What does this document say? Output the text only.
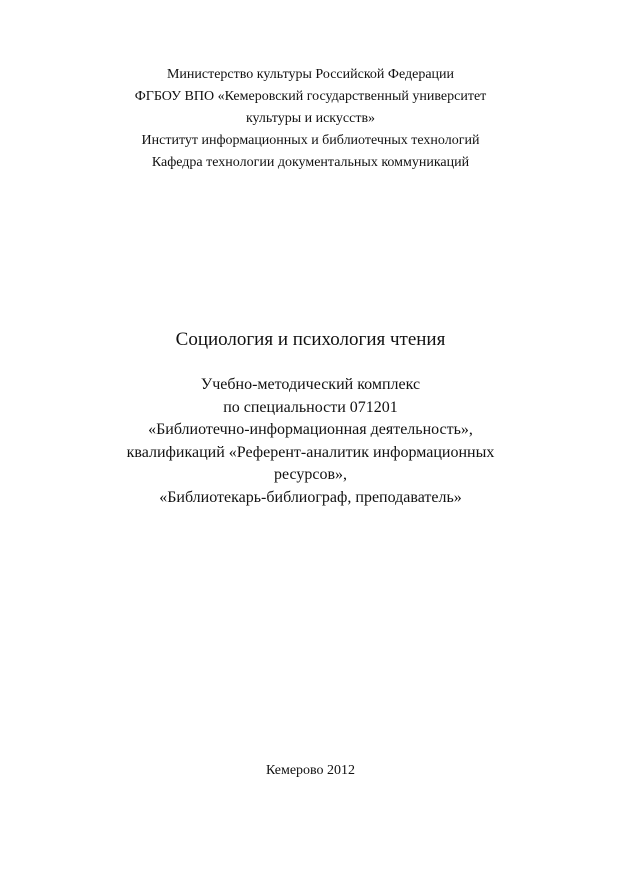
Министерство культуры Российской Федерации
ФГБОУ ВПО «Кемеровский государственный университет
культуры и искусств»
Институт информационных и библиотечных технологий
Кафедра технологии документальных коммуникаций
Социология и психология чтения
Учебно-методический комплекс
по специальности 071201
«Библиотечно-информационная деятельность»,
квалификаций «Референт-аналитик информационных
ресурсов»,
«Библиотекарь-библиограф, преподаватель»
Кемерово 2012
